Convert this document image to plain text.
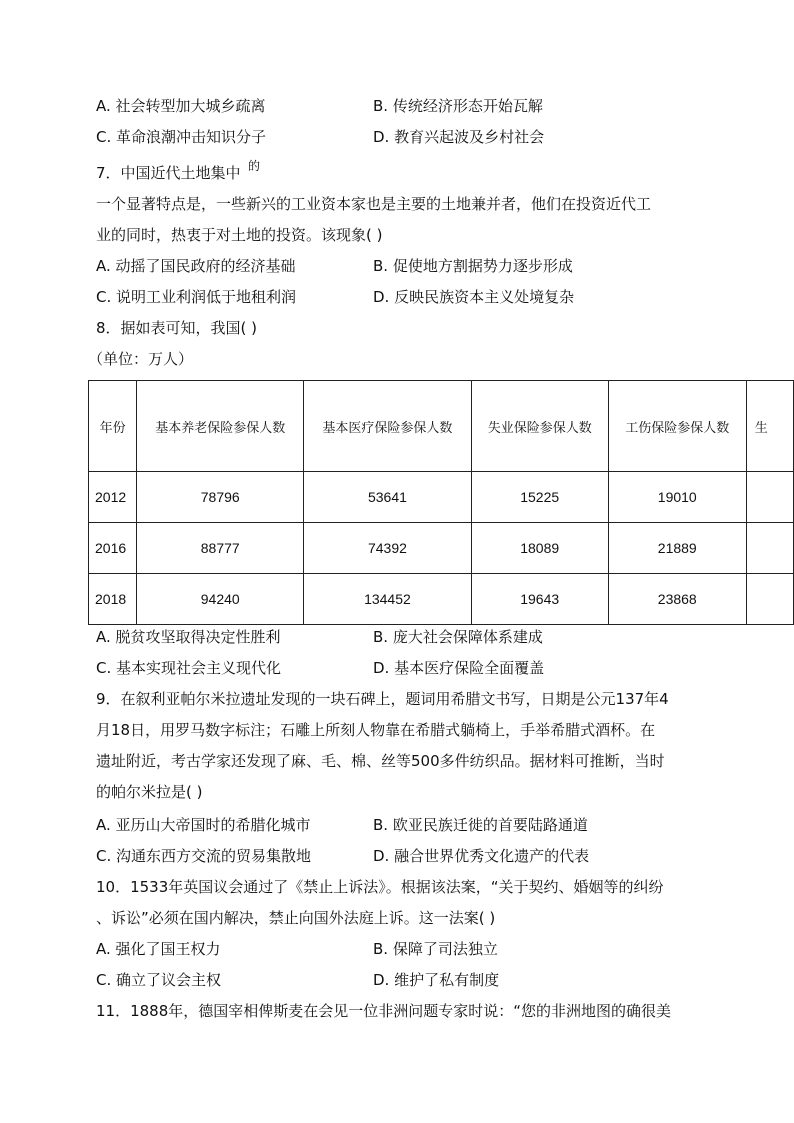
A. 社会转型加大城乡疏离	B. 传统经济形态开始瓦解
C. 革命浪潮冲击知识分子	D. 教育兴起波及乡村社会
7．中国近代土地集中 的
一个显著特点是，一些新兴的工业资本家也是主要的土地兼并者，他们在投资近代工
业的同时，热衷于对土地的投资。该现象( )
A. 动摇了国民政府的经济基础	B. 促使地方割据势力逐步形成
C. 说明工业利润低于地租利润	D. 反映民族资本主义处境复杂
8．据如表可知，我国( )
（单位：万人）
年份	基本养老保险参保人数	基本医疗保险参保人数	失业保险参保人数	工伤保险参保人数	生
2012	78796	53641	15225	19010	
2016	88777	74392	18089	21889	
2018	94240	134452	19643	23868	
A. 脱贫攻坚取得决定性胜利	B. 庞大社会保障体系建成
C. 基本实现社会主义现代化	D. 基本医疗保险全面覆盖
9．在叙利亚帕尔米拉遗址发现的一块石碑上，题词用希腊文书写，日期是公元137年4
月18日，用罗马数字标注；石雕上所刻人物靠在希腊式躺椅上，手举希腊式酒杯。在
遗址附近，考古学家还发现了麻、毛、棉、丝等500多件纺织品。据材料可推断，当时
的帕尔米拉是( )
A. 亚历山大帝国时的希腊化城市	B. 欧亚民族迁徙的首要陆路通道
C. 沟通东西方交流的贸易集散地	D. 融合世界优秀文化遗产的代表
10．1533年英国议会通过了《禁止上诉法》。根据该法案，“关于契约、婚姻等的纠纷
、诉讼”必须在国内解决，禁止向国外法庭上诉。这一法案( )
A. 强化了国王权力	B. 保障了司法独立
C. 确立了议会主权	D. 维护了私有制度
11．1888年，德国宰相俾斯麦在会见一位非洲问题专家时说：“您的非洲地图的确很美
